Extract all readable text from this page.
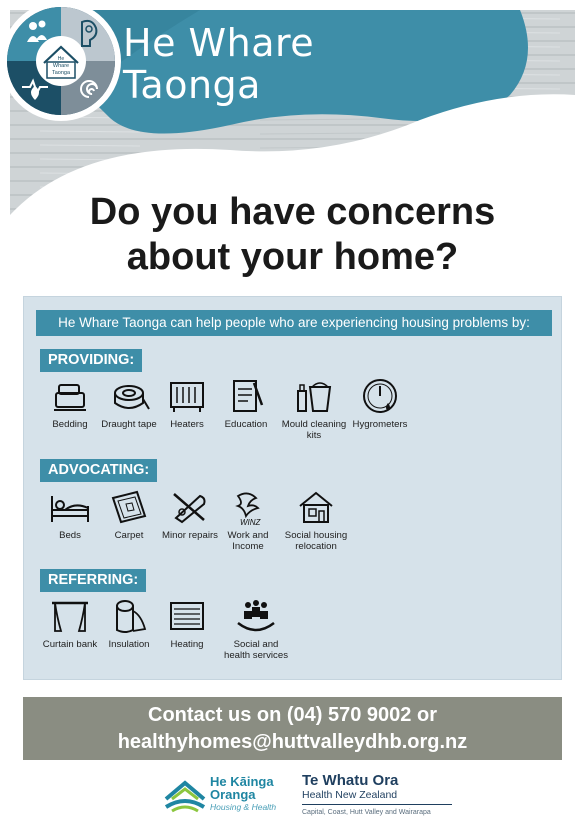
He Whare
Taonga
He
Whare
Taonga
Do you have concerns
about your home?
He Whare Taonga can help people who are experiencing housing problems by:
PROVIDING:
Bedding	Draught tape	Heaters	Education	Mould cleaning kits
Hygrometers
ADVOCATING:
Beds	Carpet	Minor repairs
WINZ
Work and Income
Social housing relocation
REFERRING:
Curtain bank	Insulation	Heating	Social and health services
Contact us on (04) 570 9002 or
healthyhomes@huttvalleydhb.org.nz
He Kāinga
Oranga
Housing & Health
Te Whatu Ora
Health New Zealand
Capital, Coast, Hutt Valley and Wairarapa
